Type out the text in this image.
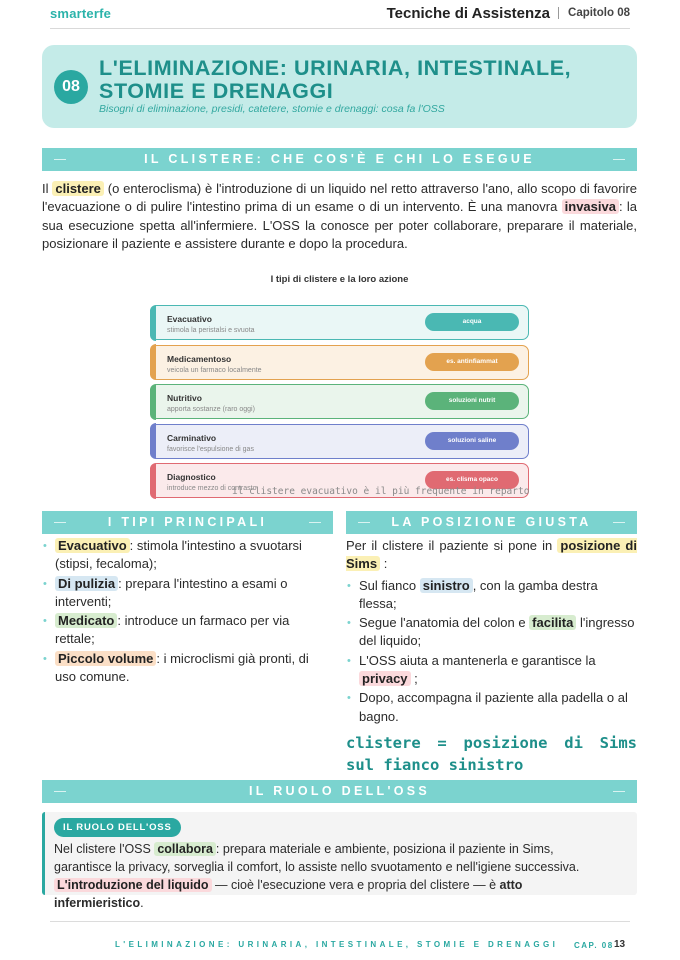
smarterfe	Tecniche di Assistenza	Capitolo 08
08
L'ELIMINAZIONE: URINARIA, INTESTINALE,
STOMIE E DRENAGGI
Bisogni di eliminazione, presidi, catetere, stomie e drenaggi: cosa fa l'OSS
IL CLISTERE: CHE COS'È E CHI LO ESEGUE
Il clistere (o enteroclisma) è l'introduzione di un liquido nel retto attraverso l'ano, allo scopo di favorire l'evacuazione o di pulire l'intestino prima di un esame o di un intervento. È una manovra invasiva : la sua esecuzione spetta all'infermiere. L'OSS la conosce per poter collaborare, preparare il materiale, posizionare il paziente e assistere durante e dopo la procedura.
I tipi di clistere e la loro azione
Evacuativo
stimola la peristalsi e svuota
acqua
Medicamentoso
veicola un farmaco localmente
es. antinfiammat
Nutritivo
apporta sostanze (raro oggi)
soluzioni nutrit
Carminativo
favorisce l'espulsione di gas
soluzioni saline
Diagnostico
introduce mezzo di contrasto
es. clisma opaco
il clistere evacuativo è il più frequente in reparto
I TIPI PRINCIPALI	LA POSIZIONE GIUSTA
• Evacuativo : stimola l'intestino a svuotarsi (stipsi, fecaloma);
• Di pulizia : prepara l'intestino a esami o interventi;
• Medicato : introduce un farmaco per via rettale;
• Piccolo volume : i microclismi già pronti, di uso comune.
Per il clistere il paziente si pone in posizione di Sims :
• Sul fianco sinistro , con la gamba destra flessa;
• Segue l'anatomia del colon e facilita l'ingresso del liquido;
• L'OSS aiuta a mantenerla e garantisce la privacy ;
• Dopo, accompagna il paziente alla padella o al bagno.
clistere = posizione di Sims sul fianco sinistro
IL RUOLO DELL'OSS
IL RUOLO DELL'OSS
Nel clistere l'OSS collabora : prepara materiale e ambiente, posiziona il paziente in Sims, garantisce la privacy, sorveglia il comfort, lo assiste nello svuotamento e nell'igiene successiva. L'introduzione del liquido — cioè l'esecuzione vera e propria del clistere — è atto infermieristico.
L'ELIMINAZIONE: URINARIA, INTESTINALE, STOMIE E DRENAGGI CAP. 08 13
